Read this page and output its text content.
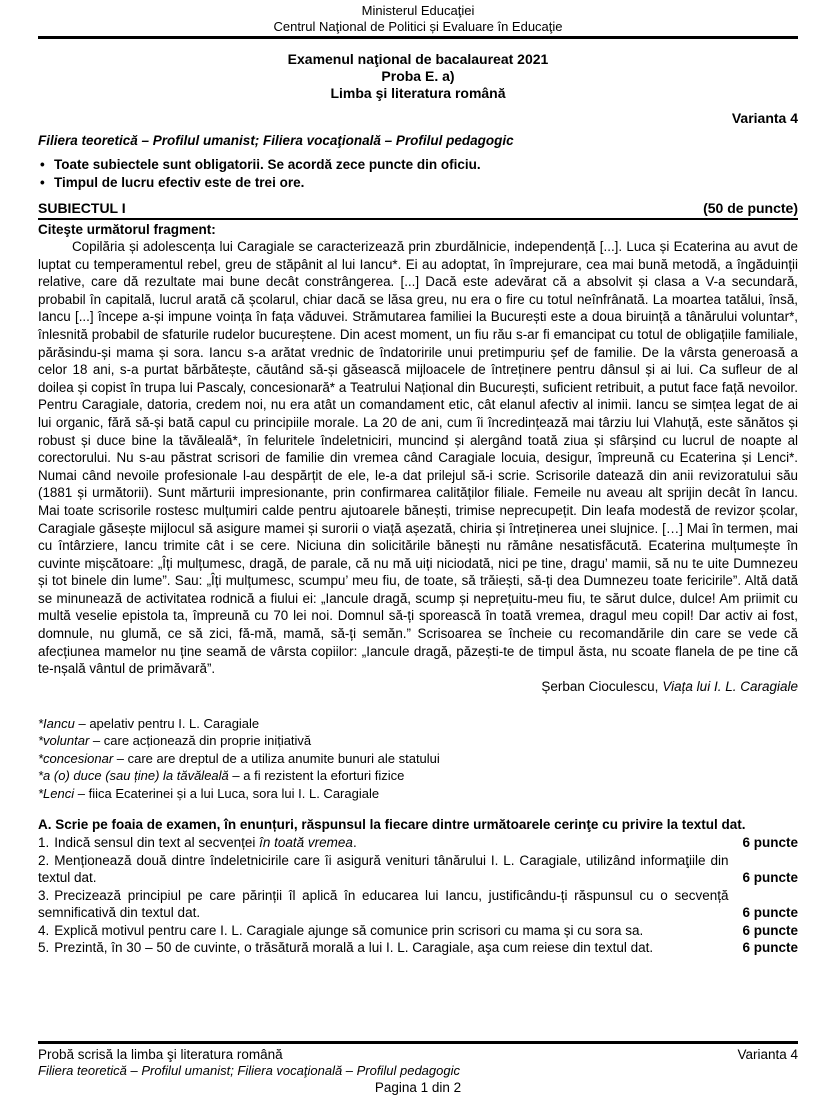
Ministerul Educaţiei
Centrul Naţional de Politici și Evaluare în Educaţie
Examenul naţional de bacalaureat 2021
Proba E. a)
Limba şi literatura română
Varianta 4
Filiera teoretică – Profilul umanist; Filiera vocaţională – Profilul pedagogic
• Toate subiectele sunt obligatorii. Se acordă zece puncte din oficiu.
• Timpul de lucru efectiv este de trei ore.
SUBIECTUL I	(50 de puncte)
Citeşte următorul fragment:

Copilăria și adolescența lui Caragiale se caracterizează prin zburdălnicie, independență [...]. Luca și Ecaterina au avut de luptat cu temperamentul rebel, greu de stăpânit al lui Iancu*. Ei au adoptat, în împrejurare, cea mai bună metodă, a îngăduinții relative, care dă rezultate mai bune decât constrângerea. [...] Dacă este adevărat că a absolvit și clasa a V-a secundară, probabil în capitală, lucrul arată că școlarul, chiar dacă se lăsa greu, nu era o fire cu totul neînfrânată. La moartea tatălui, însă, Iancu [...] începe a-și impune voința în fața văduvei. Strămutarea familiei la București este a doua biruință a tânărului voluntar*, înlesnită probabil de sfaturile rudelor bucureștene. Din acest moment, un fiu rău s-ar fi emancipat cu totul de obligațiile familiale, părăsindu-și mama și sora. Iancu s-a arătat vrednic de îndatoririle unui pretimpuriu șef de familie. De la vârsta generoasă a celor 18 ani, s-a purtat bărbătește, căutând să-și găsească mijloacele de întreținere pentru dânsul și ai lui. Ca sufleur de al doilea și copist în trupa lui Pascaly, concesionară* a Teatrului Național din București, suficient retribuit, a putut face față nevoilor. Pentru Caragiale, datoria, credem noi, nu era atât un comandament etic, cât elanul afectiv al inimii. Iancu se simțea legat de ai lui organic, fără să-și bată capul cu principiile morale. La 20 de ani, cum îi încredințează mai târziu lui Vlahuță, este sănătos și robust și duce bine la tăvăleală*, în feluritele îndeletniciri, muncind și alergând toată ziua și sfârșind cu lucrul de noapte al corectorului. Nu s-au păstrat scrisori de familie din vremea când Caragiale locuia, desigur, împreună cu Ecaterina și Lenci*. Numai când nevoile profesionale l-au despărțit de ele, le-a dat prilejul să-i scrie. Scrisorile datează din anii revizoratului său (1881 și următorii). Sunt mărturii impresionante, prin confirmarea calităților filiale. Femeile nu aveau alt sprijin decât în Iancu. Mai toate scrisorile rostesc mulțumiri calde pentru ajutoarele bănești, trimise neprecupețit. Din leafa modestă de revizor școlar, Caragiale găsește mijlocul să asigure mamei și surorii o viață așezată, chiria și întreținerea unei slujnice. […] Mai în termen, mai cu întârziere, Iancu trimite cât i se cere. Niciuna din solicitările bănești nu rămâne nesatisfăcută. Ecaterina mulțumește în cuvinte mișcătoare: „Îți mulțumesc, dragă, de parale, că nu mă uiți niciodată, nici pe tine, dragu’ mamii, să nu te uite Dumnezeu și tot binele din lume”. Sau: „Îți mulțumesc, scumpu’ meu fiu, de toate, să trăiești, să-ți dea Dumnezeu toate fericirile”. Altă dată se minunează de activitatea rodnică a fiului ei: „Iancule dragă, scump și neprețuitu-meu fiu, te sărut dulce, dulce! Am priimit cu multă veselie epistola ta, împreună cu 70 lei noi. Domnul să-ți sporească în toată vremea, dragul meu copil! Dar activ ai fost, domnule, nu glumă, ce să zici, fă-mă, mamă, să-ți semăn.” Scrisoarea se încheie cu recomandările din care se vede că afecțiunea mamelor nu ține seamă de vârsta copiilor: „Iancule dragă, păzești-te de timpul ăsta, nu scoate flanela de pe tine că te-nșală vântul de primăvară”.

Șerban Cioculescu, Viața lui I. L. Caragiale
*Iancu – apelativ pentru I. L. Caragiale
*voluntar – care acționează din proprie inițiativă
*concesionar – care are dreptul de a utiliza anumite bunuri ale statului
*a (o) duce (sau ține) la tăvăleală – a fi rezistent la eforturi fizice
*Lenci – fiica Ecaterinei și a lui Luca, sora lui I. L. Caragiale
A. Scrie pe foaia de examen, în enunțuri, răspunsul la fiecare dintre următoarele cerinţe cu privire la textul dat.
1. Indică sensul din text al secvenței în toată vremea.	6 puncte
2. Menționează două dintre îndeletnicirile care îi asigură venituri tânărului I. L. Caragiale, utilizând informaţiile din textul dat.	6 puncte
3. Precizează principiul pe care părinții îl aplică în educarea lui Iancu, justificându-ți răspunsul cu o secvență semnificativă din textul dat.	6 puncte
4. Explică motivul pentru care I. L. Caragiale ajunge să comunice prin scrisori cu mama și cu sora sa.	6 puncte
5. Prezintă, în 30 – 50 de cuvinte, o trăsătură morală a lui I. L. Caragiale, aşa cum reiese din textul dat.	6 puncte
Probă scrisă la limba şi literatura română	Varianta 4
Filiera teoretică – Profilul umanist; Filiera vocaţională – Profilul pedagogic
Pagina 1 din 2
